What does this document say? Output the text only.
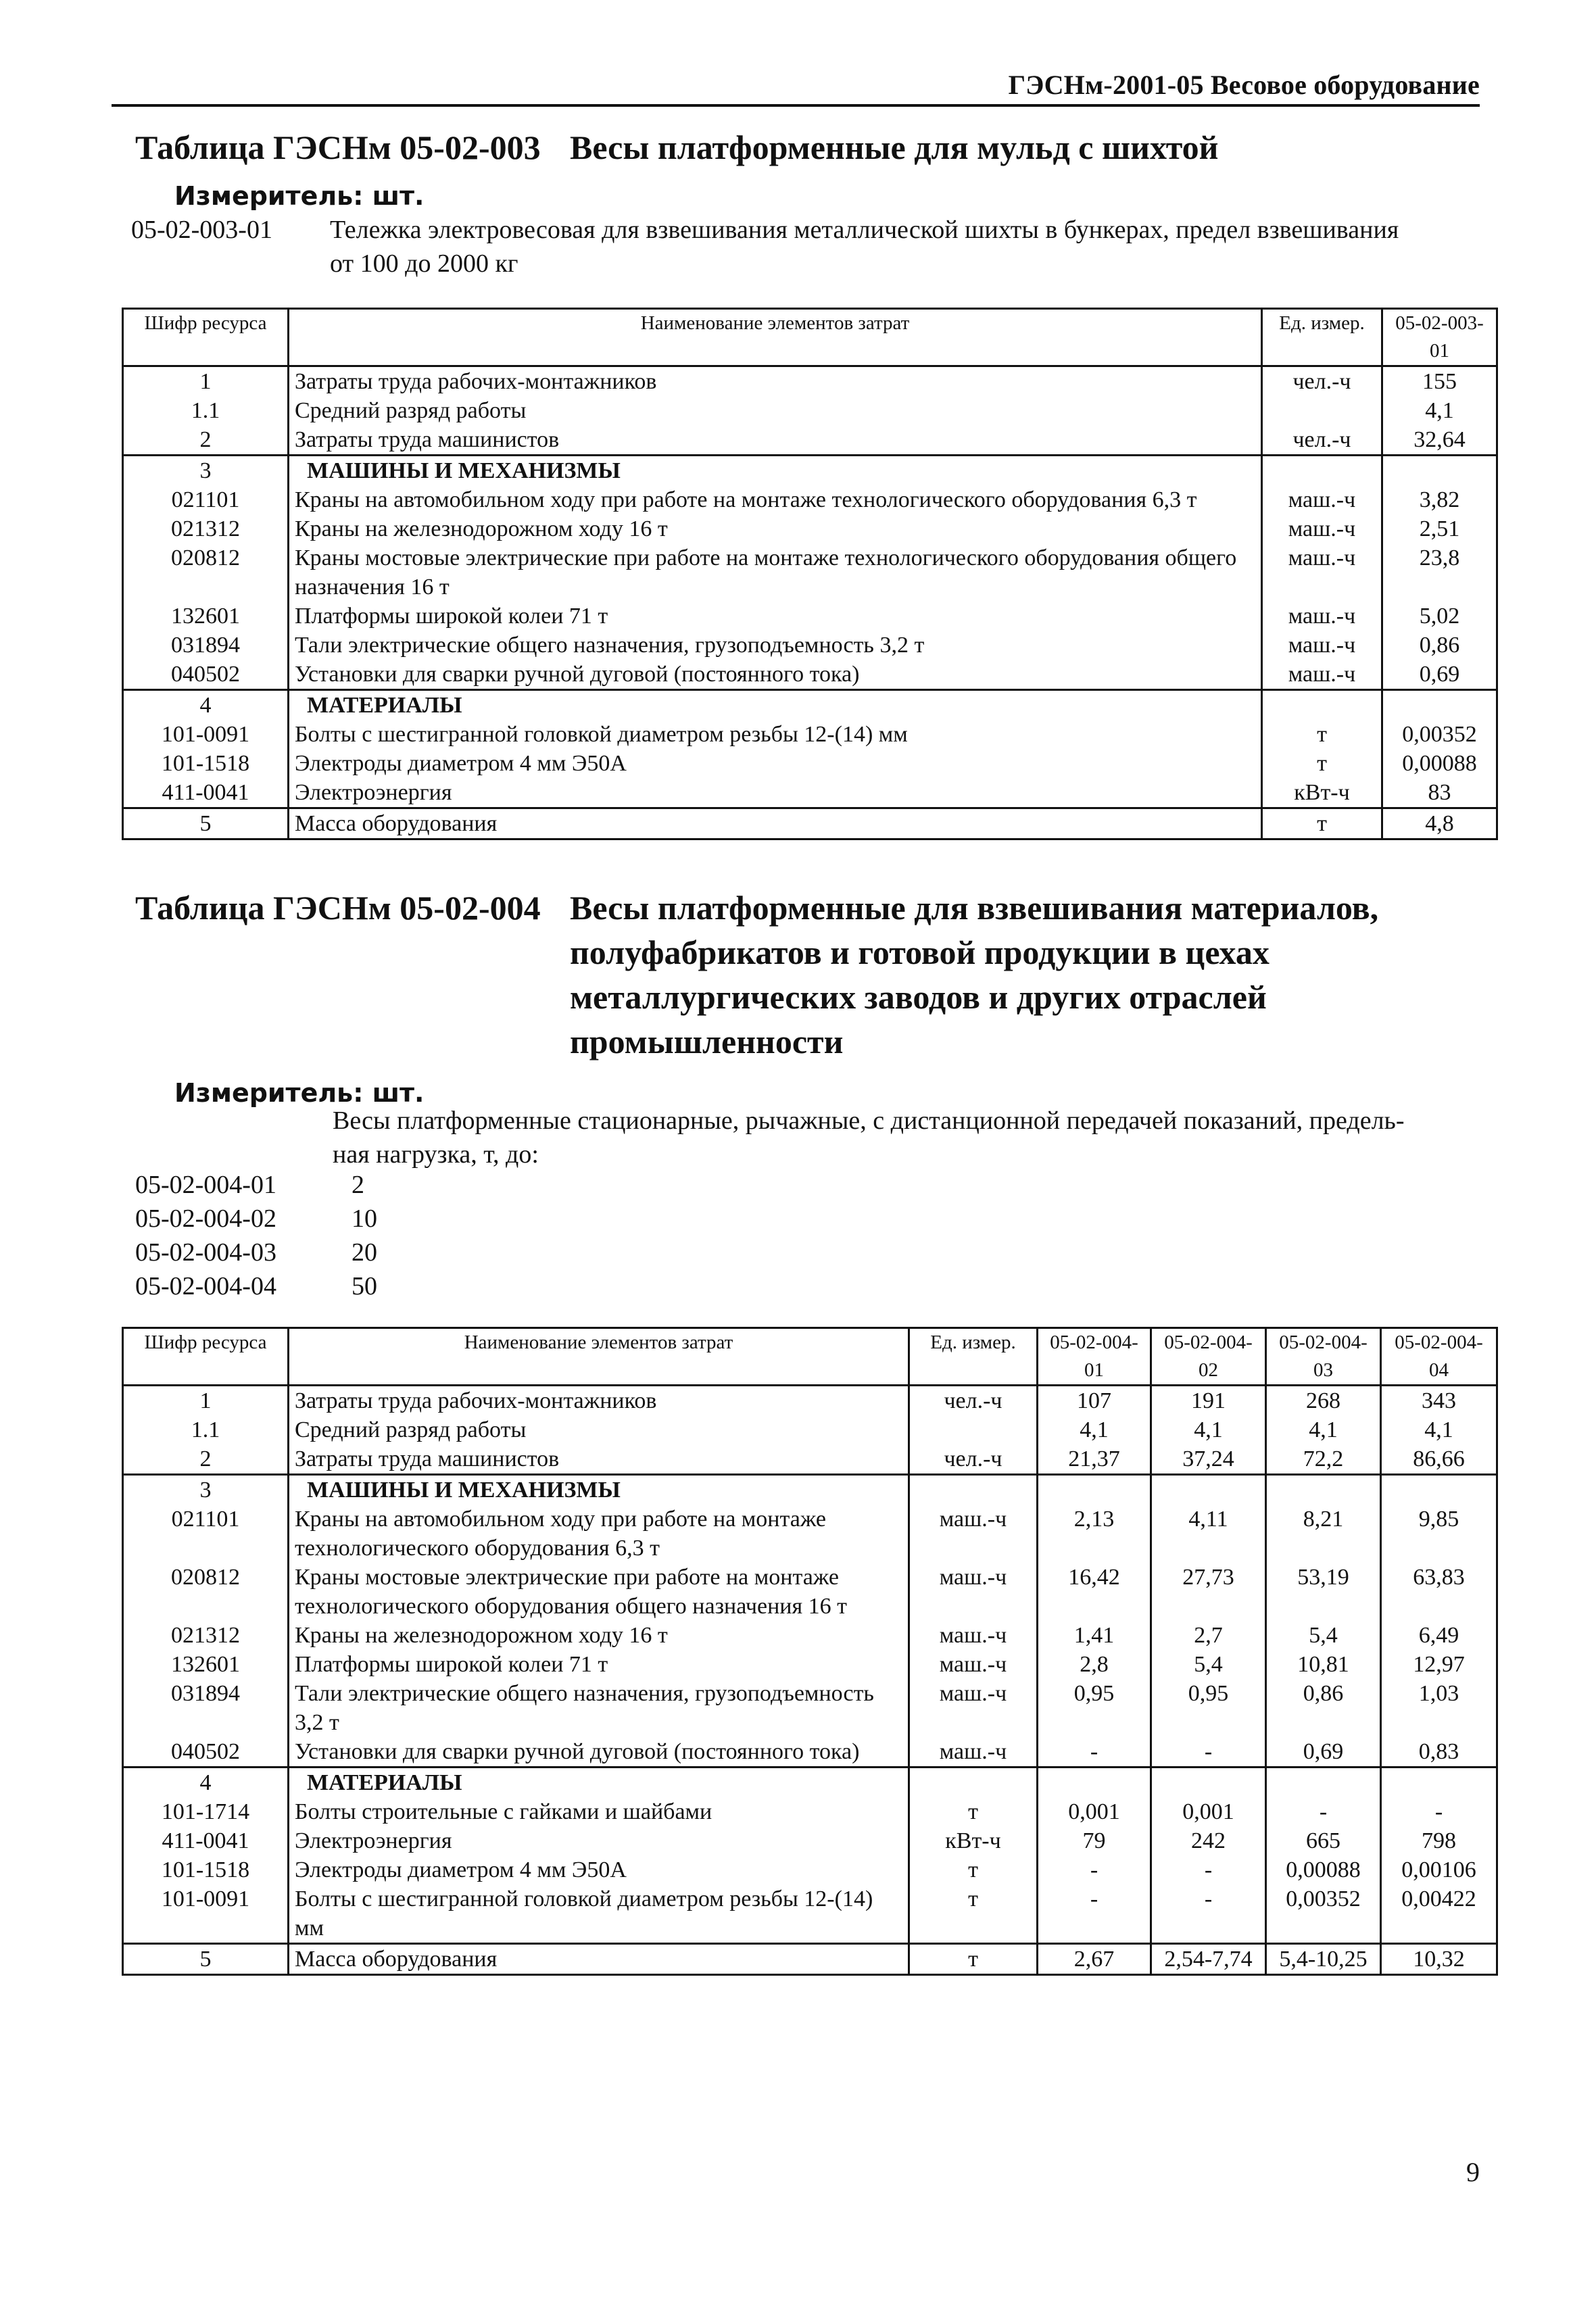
ГЭСНм-2001-05 Весовое оборудование
Таблица ГЭСНм 05-02-003 Весы платформенные для мульд с шихтой
Измеритель: шт.
05-02-003-01 Тележка электровесовая для взвешивания металлической шихты в бункерах, предел взвешивания
от 100 до 2000 кг
Шифр ресурса	Наименование элементов затрат	Ед. измер.	05-02-003-01
1	Затраты труда рабочих-монтажников	чел.-ч	155
1.1	Средний разряд работы		4,1
2	Затраты труда машинистов	чел.-ч	32,64
3	МАШИНЫ И МЕХАНИЗМЫ		
021101	Краны на автомобильном ходу при работе на монтаже технологического оборудования 6,3 т	маш.-ч	3,82
021312	Краны на железнодорожном ходу 16 т	маш.-ч	2,51
020812	Краны мостовые электрические при работе на монтаже технологического оборудования общего назначения 16 т	маш.-ч	23,8
132601	Платформы широкой колеи 71 т	маш.-ч	5,02
031894	Тали электрические общего назначения, грузоподъемность 3,2 т	маш.-ч	0,86
040502	Установки для сварки ручной дуговой (постоянного тока)	маш.-ч	0,69
4	МАТЕРИАЛЫ		
101-0091	Болты с шестигранной головкой диаметром резьбы 12-(14) мм	т	0,00352
101-1518	Электроды диаметром 4 мм Э50А	т	0,00088
411-0041	Электроэнергия	кВт-ч	83
5	Масса оборудования	т	4,8
Таблица ГЭСНм 05-02-004 Весы платформенные для взвешивания материалов,
полуфабрикатов и готовой продукции в цехах
металлургических заводов и других отраслей
промышленности
Измеритель: шт.
Весы платформенные стационарные, рычажные, с дистанционной передачей показаний, предель-
ная нагрузка, т, до:
05-02-004-01	2
05-02-004-02	10
05-02-004-03	20
05-02-004-04	50
Шифр ресурса	Наименование элементов затрат	Ед. измер.	05-02-004-01	05-02-004-02	05-02-004-03	05-02-004-04
1	Затраты труда рабочих-монтажников	чел.-ч	107	191	268	343
1.1	Средний разряд работы		4,1	4,1	4,1	4,1
2	Затраты труда машинистов	чел.-ч	21,37	37,24	72,2	86,66
3	МАШИНЫ И МЕХАНИЗМЫ					
021101	Краны на автомобильном ходу при работе на монтаже технологического оборудования 6,3 т	маш.-ч	2,13	4,11	8,21	9,85
020812	Краны мостовые электрические при работе на монтаже технологического оборудования общего назначения 16 т	маш.-ч	16,42	27,73	53,19	63,83
021312	Краны на железнодорожном ходу 16 т	маш.-ч	1,41	2,7	5,4	6,49
132601	Платформы широкой колеи 71 т	маш.-ч	2,8	5,4	10,81	12,97
031894	Тали электрические общего назначения, грузоподъемность 3,2 т	маш.-ч	0,95	0,95	0,86	1,03
040502	Установки для сварки ручной дуговой (постоянного тока)	маш.-ч	-	-	0,69	0,83
4	МАТЕРИАЛЫ					
101-1714	Болты строительные с гайками и шайбами	т	0,001	0,001	-	-
411-0041	Электроэнергия	кВт-ч	79	242	665	798
101-1518	Электроды диаметром 4 мм Э50А	т	-	-	0,00088	0,00106
101-0091	Болты с шестигранной головкой диаметром резьбы 12-(14) мм	т	-	-	0,00352	0,00422
5	Масса оборудования	т	2,67	2,54-7,74	5,4-10,25	10,32
9
